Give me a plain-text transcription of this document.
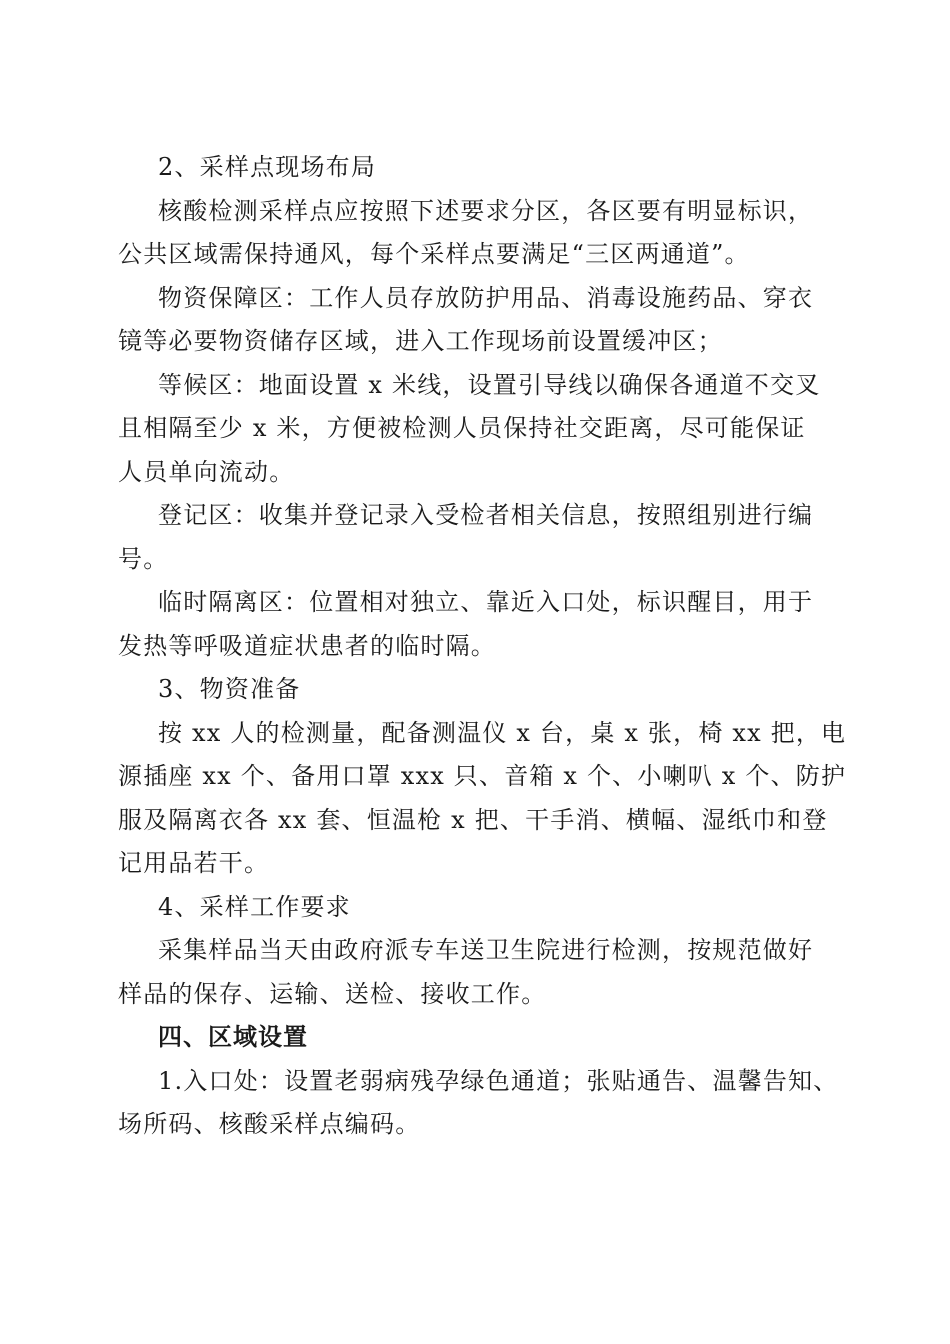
2、采样点现场布局

核酸检测采样点应按照下述要求分区，各区要有明显标识，

公共区域需保持通风，每个采样点要满足“三区两通道”。

物资保障区：工作人员存放防护用品、消毒设施药品、穿衣

镜等必要物资储存区域，进入工作现场前设置缓冲区；

等候区：地面设置 x 米线，设置引导线以确保各通道不交叉

且相隔至少 x 米，方便被检测人员保持社交距离，尽可能保证

人员单向流动。

登记区：收集并登记录入受检者相关信息，按照组别进行编

号。

临时隔离区：位置相对独立、靠近入口处，标识醒目，用于

发热等呼吸道症状患者的临时隔。

3、物资准备

按 xx 人的检测量，配备测温仪 x 台，桌 x 张，椅 xx 把，电

源插座 xx 个、备用口罩 xxx 只、音箱 x 个、小喇叭 x 个、防护

服及隔离衣各 xx 套、恒温枪 x 把、干手消、横幅、湿纸巾和登

记用品若干。

4、采样工作要求

采集样品当天由政府派专车送卫生院进行检测，按规范做好

样品的保存、运输、送检、接收工作。

四、区域设置

1.入口处：设置老弱病残孕绿色通道；张贴通告、温馨告知、

场所码、核酸采样点编码。
